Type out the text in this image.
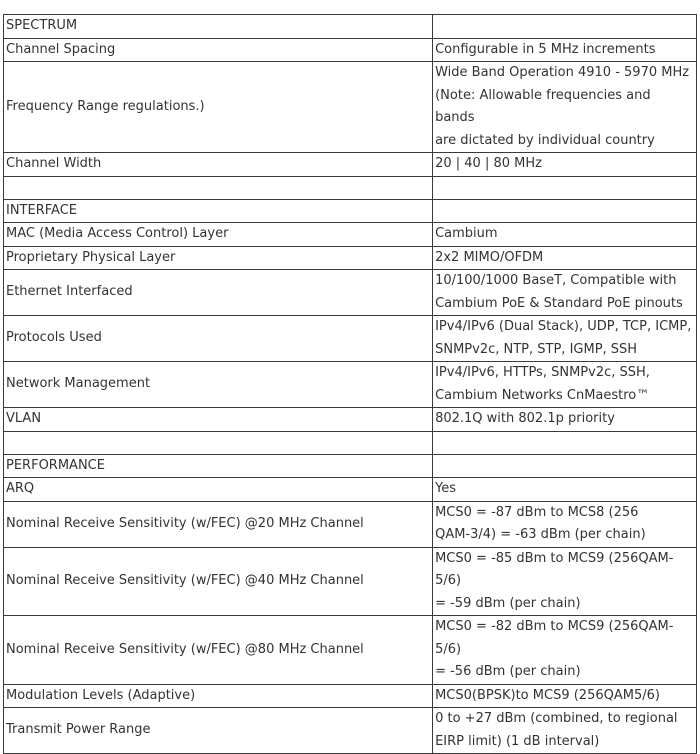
SPECTRUM	
Channel Spacing	Configurable in 5 MHz increments
Frequency Range regulations.)	Wide Band Operation 4910 - 5970 MHz
(Note: Allowable frequencies and bands
are dictated by individual country
Channel Width	20 | 40 | 80 MHz

INTERFACE	
MAC (Media Access Control) Layer	Cambium
Proprietary Physical Layer	2x2 MIMO/OFDM
Ethernet Interfaced	10/100/1000 BaseT, Compatible with
Cambium PoE & Standard PoE pinouts
Protocols Used	IPv4/IPv6 (Dual Stack), UDP, TCP, ICMP,
SNMPv2c, NTP, STP, IGMP, SSH
Network Management	IPv4/IPv6, HTTPs, SNMPv2c, SSH,
Cambium Networks CnMaestro™
VLAN	802.1Q with 802.1p priority

PERFORMANCE	
ARQ	Yes
Nominal Receive Sensitivity (w/FEC) @20 MHz Channel	MCS0 = -87 dBm to MCS8 (256
QAM-3/4) = -63 dBm (per chain)
Nominal Receive Sensitivity (w/FEC) @40 MHz Channel	MCS0 = -85 dBm to MCS9 (256QAM-5/6)
= -59 dBm (per chain)
Nominal Receive Sensitivity (w/FEC) @80 MHz Channel	MCS0 = -82 dBm to MCS9 (256QAM-5/6)
= -56 dBm (per chain)
Modulation Levels (Adaptive)	MCS0(BPSK)to MCS9 (256QAM5/6)
Transmit Power Range	0 to +27 dBm (combined, to regional
EIRP limit) (1 dB interval)
